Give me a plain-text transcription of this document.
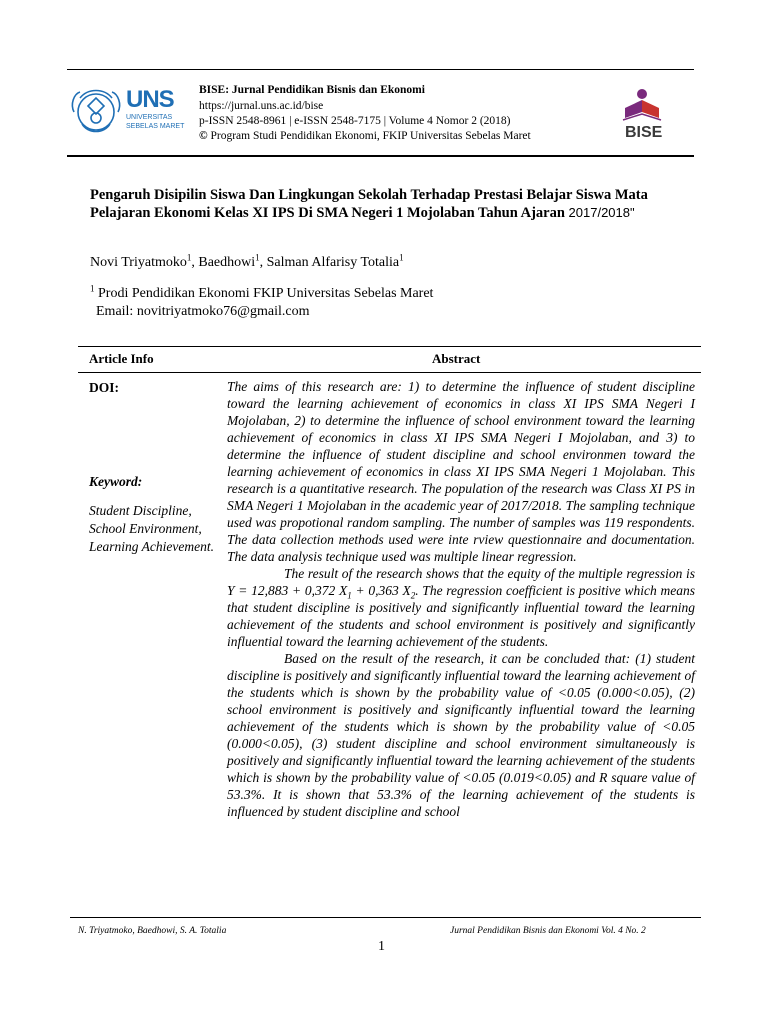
UNS
UNIVERSITAS
SEBELAS MARET
BISE: Jurnal Pendidikan Bisnis dan Ekonomi
https://jurnal.uns.ac.id/bise
p-ISSN 2548-8961 | e-ISSN 2548-7175 | Volume 4 Nomor 2 (2018)
© Program Studi Pendidikan Ekonomi, FKIP Universitas Sebelas Maret	BISE
Pengaruh Disipilin Siswa Dan Lingkungan Sekolah Terhadap Prestasi Belajar Siswa Mata Pelajaran Ekonomi Kelas XI IPS Di SMA Negeri 1 Mojolaban Tahun Ajaran 2017/2018"
Novi Triyatmoko$^1$, Baedhowi$^1$, Salman Alfarisy Totalia$^1$
$^1$ Prodi Pendidikan Ekonomi FKIP Universitas Sebelas Maret
Email: novitriyatmoko76@gmail.com
Article Info	Abstract
DOI:
Keyword:
Student Discipline, School Environment, Learning Achievement.

The aims of this research are: 1) to determine the influence of student discipline toward the learning achievement of economics in class XI IPS SMA Negeri I Mojolaban, 2) to determine the influence of school environment toward the learning achievement of economics in class XI IPS SMA Negeri I Mojolaban, and 3) to determine the influence of student discipline and school environmen toward the learning achievement of economics in class XI IPS SMA Negeri 1 Mojolaban. This research is a quantitative research. The population of the research was Class XI PS in SMA Negeri 1 Mojolaban in the academic year of 2017/2018. The sampling technique used was propotional random sampling. The number of samples was 119 respondents. The data collection methods used were inte rview questionnaire and documentation. The data analysis technique used was multiple linear regression.

The result of the research shows that the equity of the multiple regression is Y = 12,883 + 0,372 $X_1 + 0,363$ $X_2$. The regression coefficient is positive which means that student discipline is positively and significantly influential toward the learning achievement of the students and school environment is positively and significantly influential toward the learning achievement of the students.

Based on the result of the research, it can be concluded that: (1) student discipline is positively and significantly influential toward the learning achievement of the students which is shown by the probability value of <0.05 (0.000<0.05), (2) school environment is positively and significantly influential toward the learning achievement of the students which is shown by the probability value of <0.05 (0.000<0.05), (3) student discipline and school environment simultaneously is positively and significantly influential toward the learning achievement of the students which is shown by the probability value of <0.05 (0.019<0.05) and R square value of 53.3%. It is shown that 53.3% of the learning achievement of the students is influenced by student discipline and school

N. Triyatmoko, Baedhowi, S. A. Totalia	Jurnal Pendidikan Bisnis dan Ekonomi Vol. 4 No. 2
1
